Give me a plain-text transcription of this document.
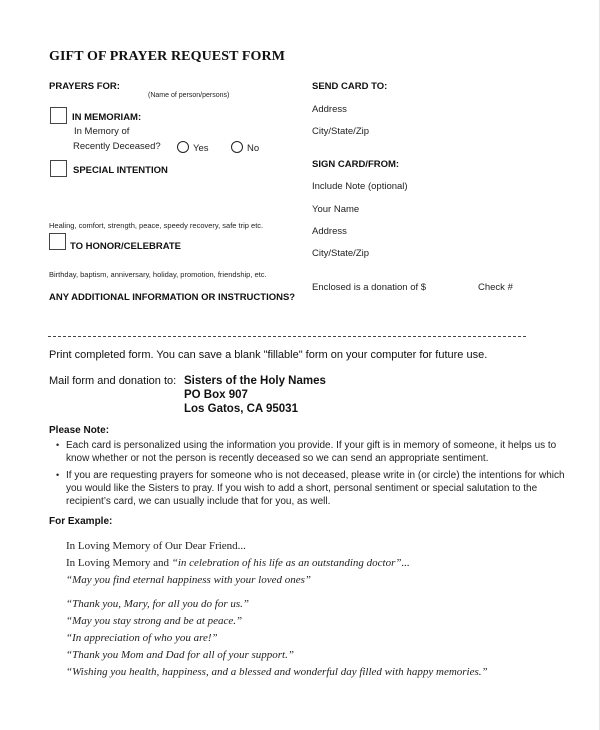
GIFT OF PRAYER REQUEST FORM
PRAYERS FOR:
(Name of person/persons)
IN MEMORIAM:
In Memory of
Recently Deceased?	Yes	No
SPECIAL INTENTION
Healing, comfort, strength, peace, speedy recovery, safe trip etc.
TO HONOR/CELEBRATE
Birthday, baptism, anniversary, holiday, promotion, friendship, etc.
ANY ADDITIONAL INFORMATION OR INSTRUCTIONS?
SEND CARD TO:
Address
City/State/Zip
SIGN CARD/FROM:
Include Note (optional)
Your Name
Address
City/State/Zip
Enclosed is a donation of $	Check #
Print completed form. You can save a blank "fillable" form on your computer for future use.
Mail form and donation to: Sisters of the Holy Names
PO Box 907
Los Gatos, CA 95031
Please Note:
• Each card is personalized using the information you provide. If your gift is in memory of someone, it helps us to know whether or not the person is recently deceased so we can send an appropriate sentiment.
• If you are requesting prayers for someone who is not deceased, please write in (or circle) the intentions for which you would like the Sisters to pray. If you wish to add a short, personal sentiment or special salutation to the recipient’s card, we can usually include that for you, as well.
For Example:
In Loving Memory of Our Dear Friend...
In Loving Memory and “in celebration of his life as an outstanding doctor”...
“May you find eternal happiness with your loved ones”
“Thank you, Mary, for all you do for us.”
“May you stay strong and be at peace.”
“In appreciation of who you are!”
“Thank you Mom and Dad for all of your support.”
“Wishing you health, happiness, and a blessed and wonderful day filled with happy memories.”
